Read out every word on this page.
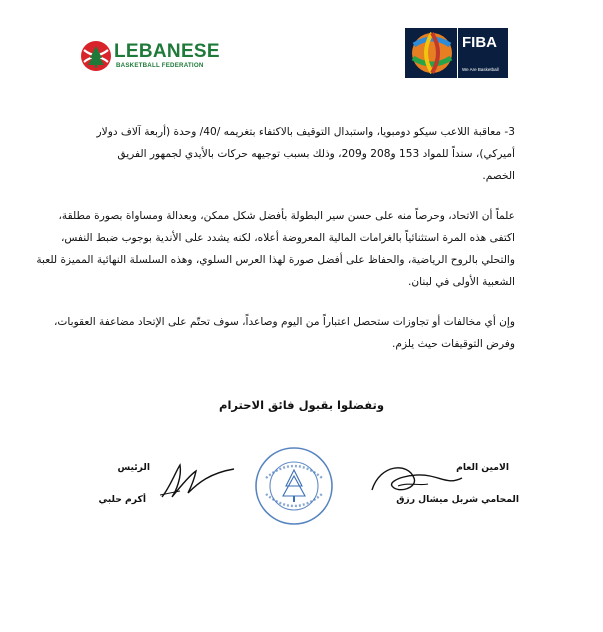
LEBANESE
BASKETBALL FEDERATION
FIBA
We Are Basketball
3- معاقبة اللاعب سيكو دومبويا، واستبدال التوقيف بالاكتفاء بتغريمه /40/ وحدة (أربعة آلاف دولار
أميركي)، سنداً للمواد 153 و208 و209، وذلك بسبب توجيهه حركات بالأيدي لجمهور الفريق
الخصم.
علماً أن الاتحاد، وحرصاً منه على حسن سير البطولة بأفضل شكل ممكن، وبعدالة ومساواة بصورة مطلقة،
اكتفى هذه المرة استثنائياً بالغرامات المالية المعروضة أعلاه، لكنه يشدد على الأندية بوجوب ضبط النفس،
والتحلي بالروح الرياضية، والحفاظ على أفضل صورة لهذا العرس السلوي، وهذه السلسلة النهائية المميزة للعبة
الشعبية الأولى في لبنان.
وإن أي مخالفات أو تجاوزات ستحصل اعتباراً من اليوم وصاعداً، سوف تحتّم على الإتحاد مضاعفة العقوبات،
وفرض التوقيفات حيث يلزم.
وتفضلوا بقبول فائق الاحترام
الامين العام
المحامي شربل ميشال رزق
الرئيس
أكرم حلبي
